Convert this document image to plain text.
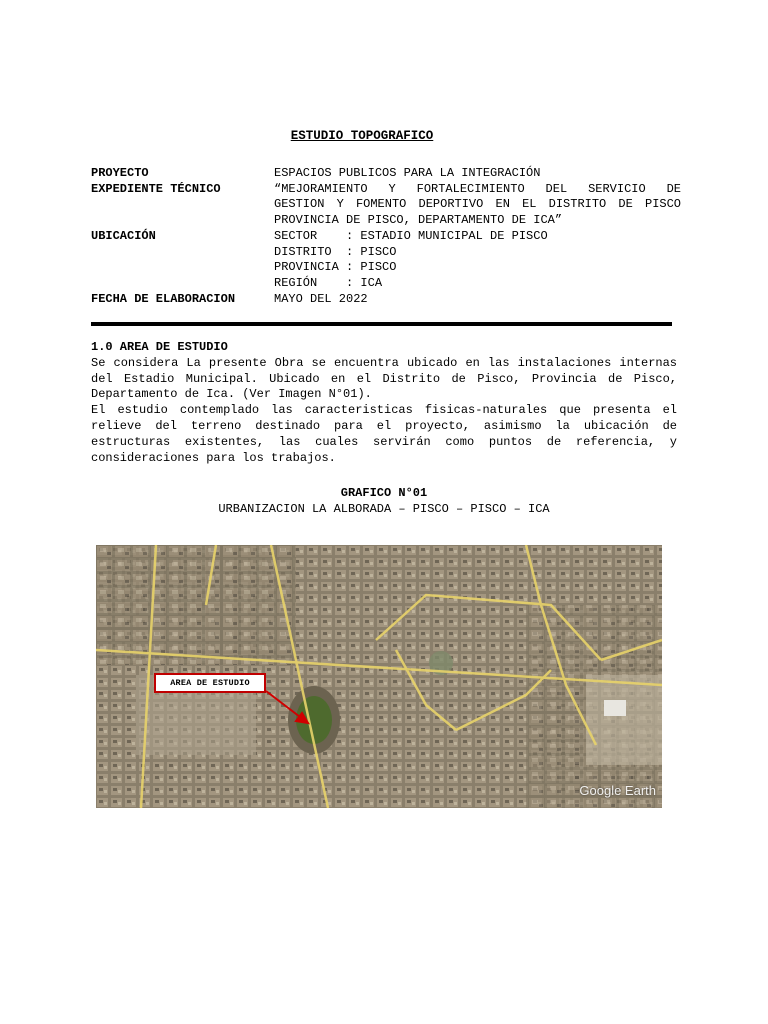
ESTUDIO TOPOGRAFICO
PROYECTO	ESPACIOS PUBLICOS PARA LA INTEGRACIÓN
EXPEDIENTE TÉCNICO	“MEJORAMIENTO Y FORTALECIMIENTO DEL SERVICIO DE
GESTION Y FOMENTO DEPORTIVO EN EL DISTRITO DE PISCO
PROVINCIA DE PISCO, DEPARTAMENTO DE ICA”
UBICACIÓN	SECTOR    : ESTADIO MUNICIPAL DE PISCO
DISTRITO  : PISCO
PROVINCIA : PISCO
REGIÓN    : ICA
FECHA DE ELABORACION	MAYO DEL 2022
1.0 AREA DE ESTUDIO

Se considera La presente Obra se encuentra ubicado en las instalaciones internas del Estadio Municipal. Ubicado en el Distrito de Pisco, Provincia de Pisco, Departamento de Ica. (Ver Imagen N°01).

El estudio contemplado las caracteristicas fisicas-naturales que presenta el relieve del terreno destinado para el proyecto, asimismo la ubicación de estructuras existentes, las cuales servirán como puntos de referencia, y consideraciones para los trabajos.

GRAFICO N°01
URBANIZACION LA ALBORADA – PISCO – PISCO – ICA
Google Earth
AREA DE ESTUDIO
